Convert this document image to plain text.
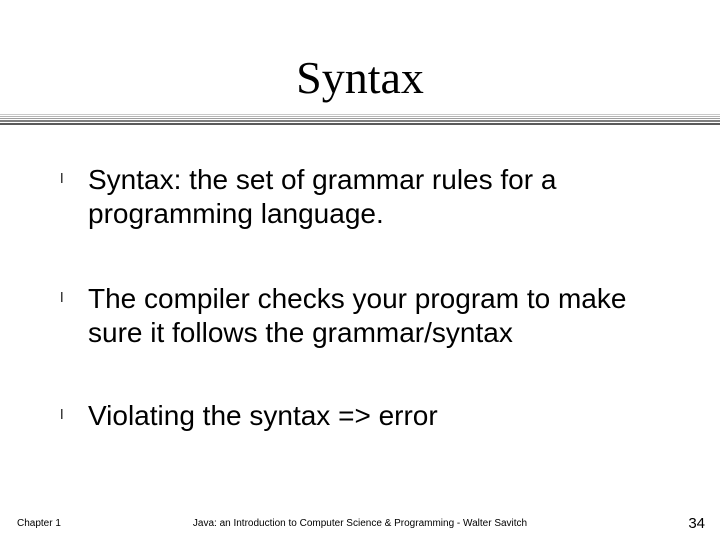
Syntax
l Syntax: the set of grammar rules for a programming language.
l The compiler checks your program to make sure it follows the grammar/syntax
l Violating the syntax => error
Chapter 1	Java: an Introduction to Computer Science & Programming - Walter Savitch	34
